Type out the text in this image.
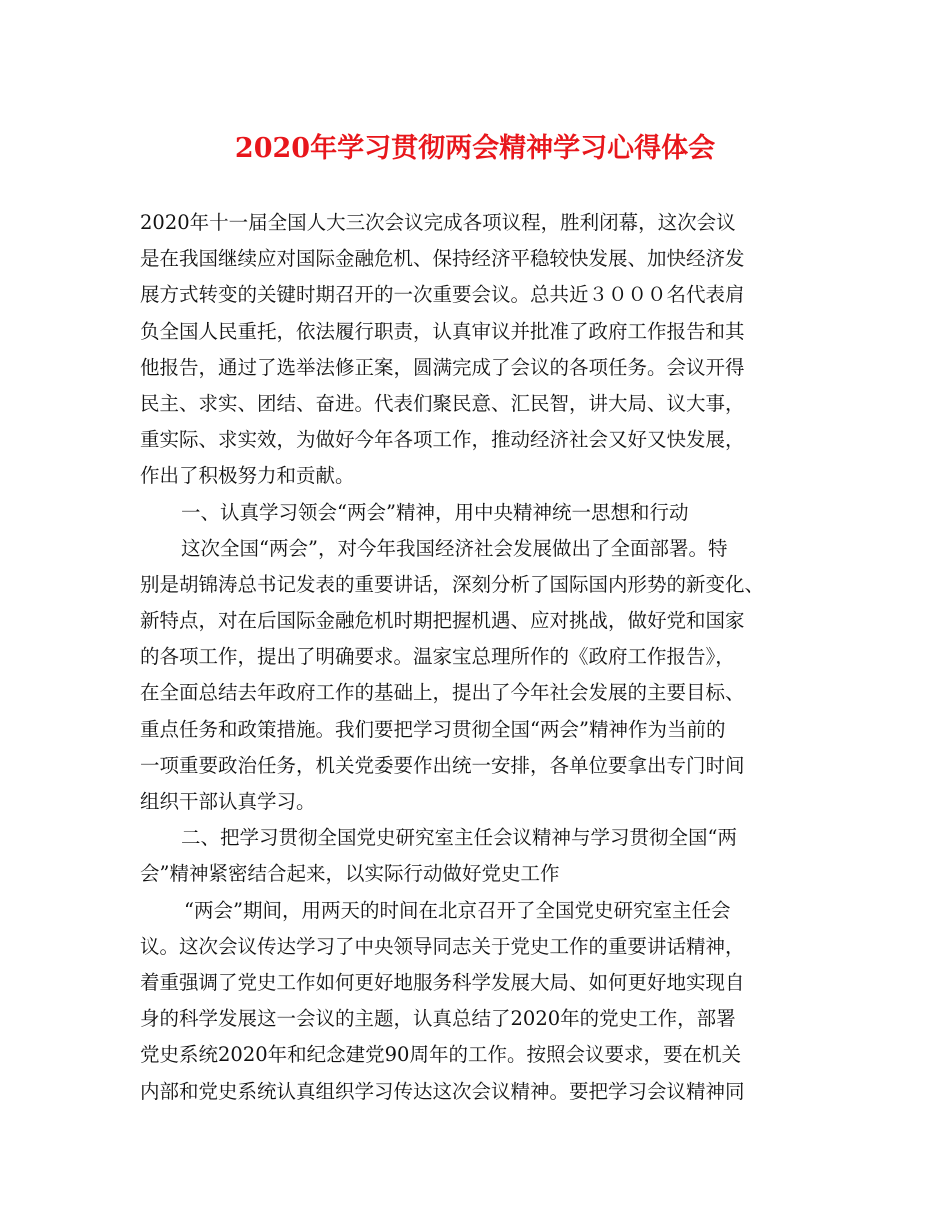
2020年学习贯彻两会精神学习心得体会
2020年十一届全国人大三次会议完成各项议程，胜利闭幕，这次会议
是在我国继续应对国际金融危机、保持经济平稳较快发展、加快经济发
展方式转变的关键时期召开的一次重要会议。总共近３０００名代表肩
负全国人民重托，依法履行职责，认真审议并批准了政府工作报告和其
他报告，通过了选举法修正案，圆满完成了会议的各项任务。会议开得
民主、求实、团结、奋进。代表们聚民意、汇民智，讲大局、议大事，
重实际、求实效，为做好今年各项工作，推动经济社会又好又快发展，
作出了积极努力和贡献。
一、认真学习领会“两会”精神，用中央精神统一思想和行动
这次全国“两会”，对今年我国经济社会发展做出了全面部署。特
别是胡锦涛总书记发表的重要讲话，深刻分析了国际国内形势的新变化、
新特点，对在后国际金融危机时期把握机遇、应对挑战，做好党和国家
的各项工作，提出了明确要求。温家宝总理所作的《政府工作报告》，
在全面总结去年政府工作的基础上，提出了今年社会发展的主要目标、
重点任务和政策措施。我们要把学习贯彻全国“两会”精神作为当前的
一项重要政治任务，机关党委要作出统一安排，各单位要拿出专门时间
组织干部认真学习。
二、把学习贯彻全国党史研究室主任会议精神与学习贯彻全国“两
会”精神紧密结合起来，以实际行动做好党史工作
“两会”期间，用两天的时间在北京召开了全国党史研究室主任会
议。这次会议传达学习了中央领导同志关于党史工作的重要讲话精神，
着重强调了党史工作如何更好地服务科学发展大局、如何更好地实现自
身的科学发展这一会议的主题，认真总结了2020年的党史工作，部署
党史系统2020年和纪念建党90周年的工作。按照会议要求，要在机关
内部和党史系统认真组织学习传达这次会议精神。要把学习会议精神同
